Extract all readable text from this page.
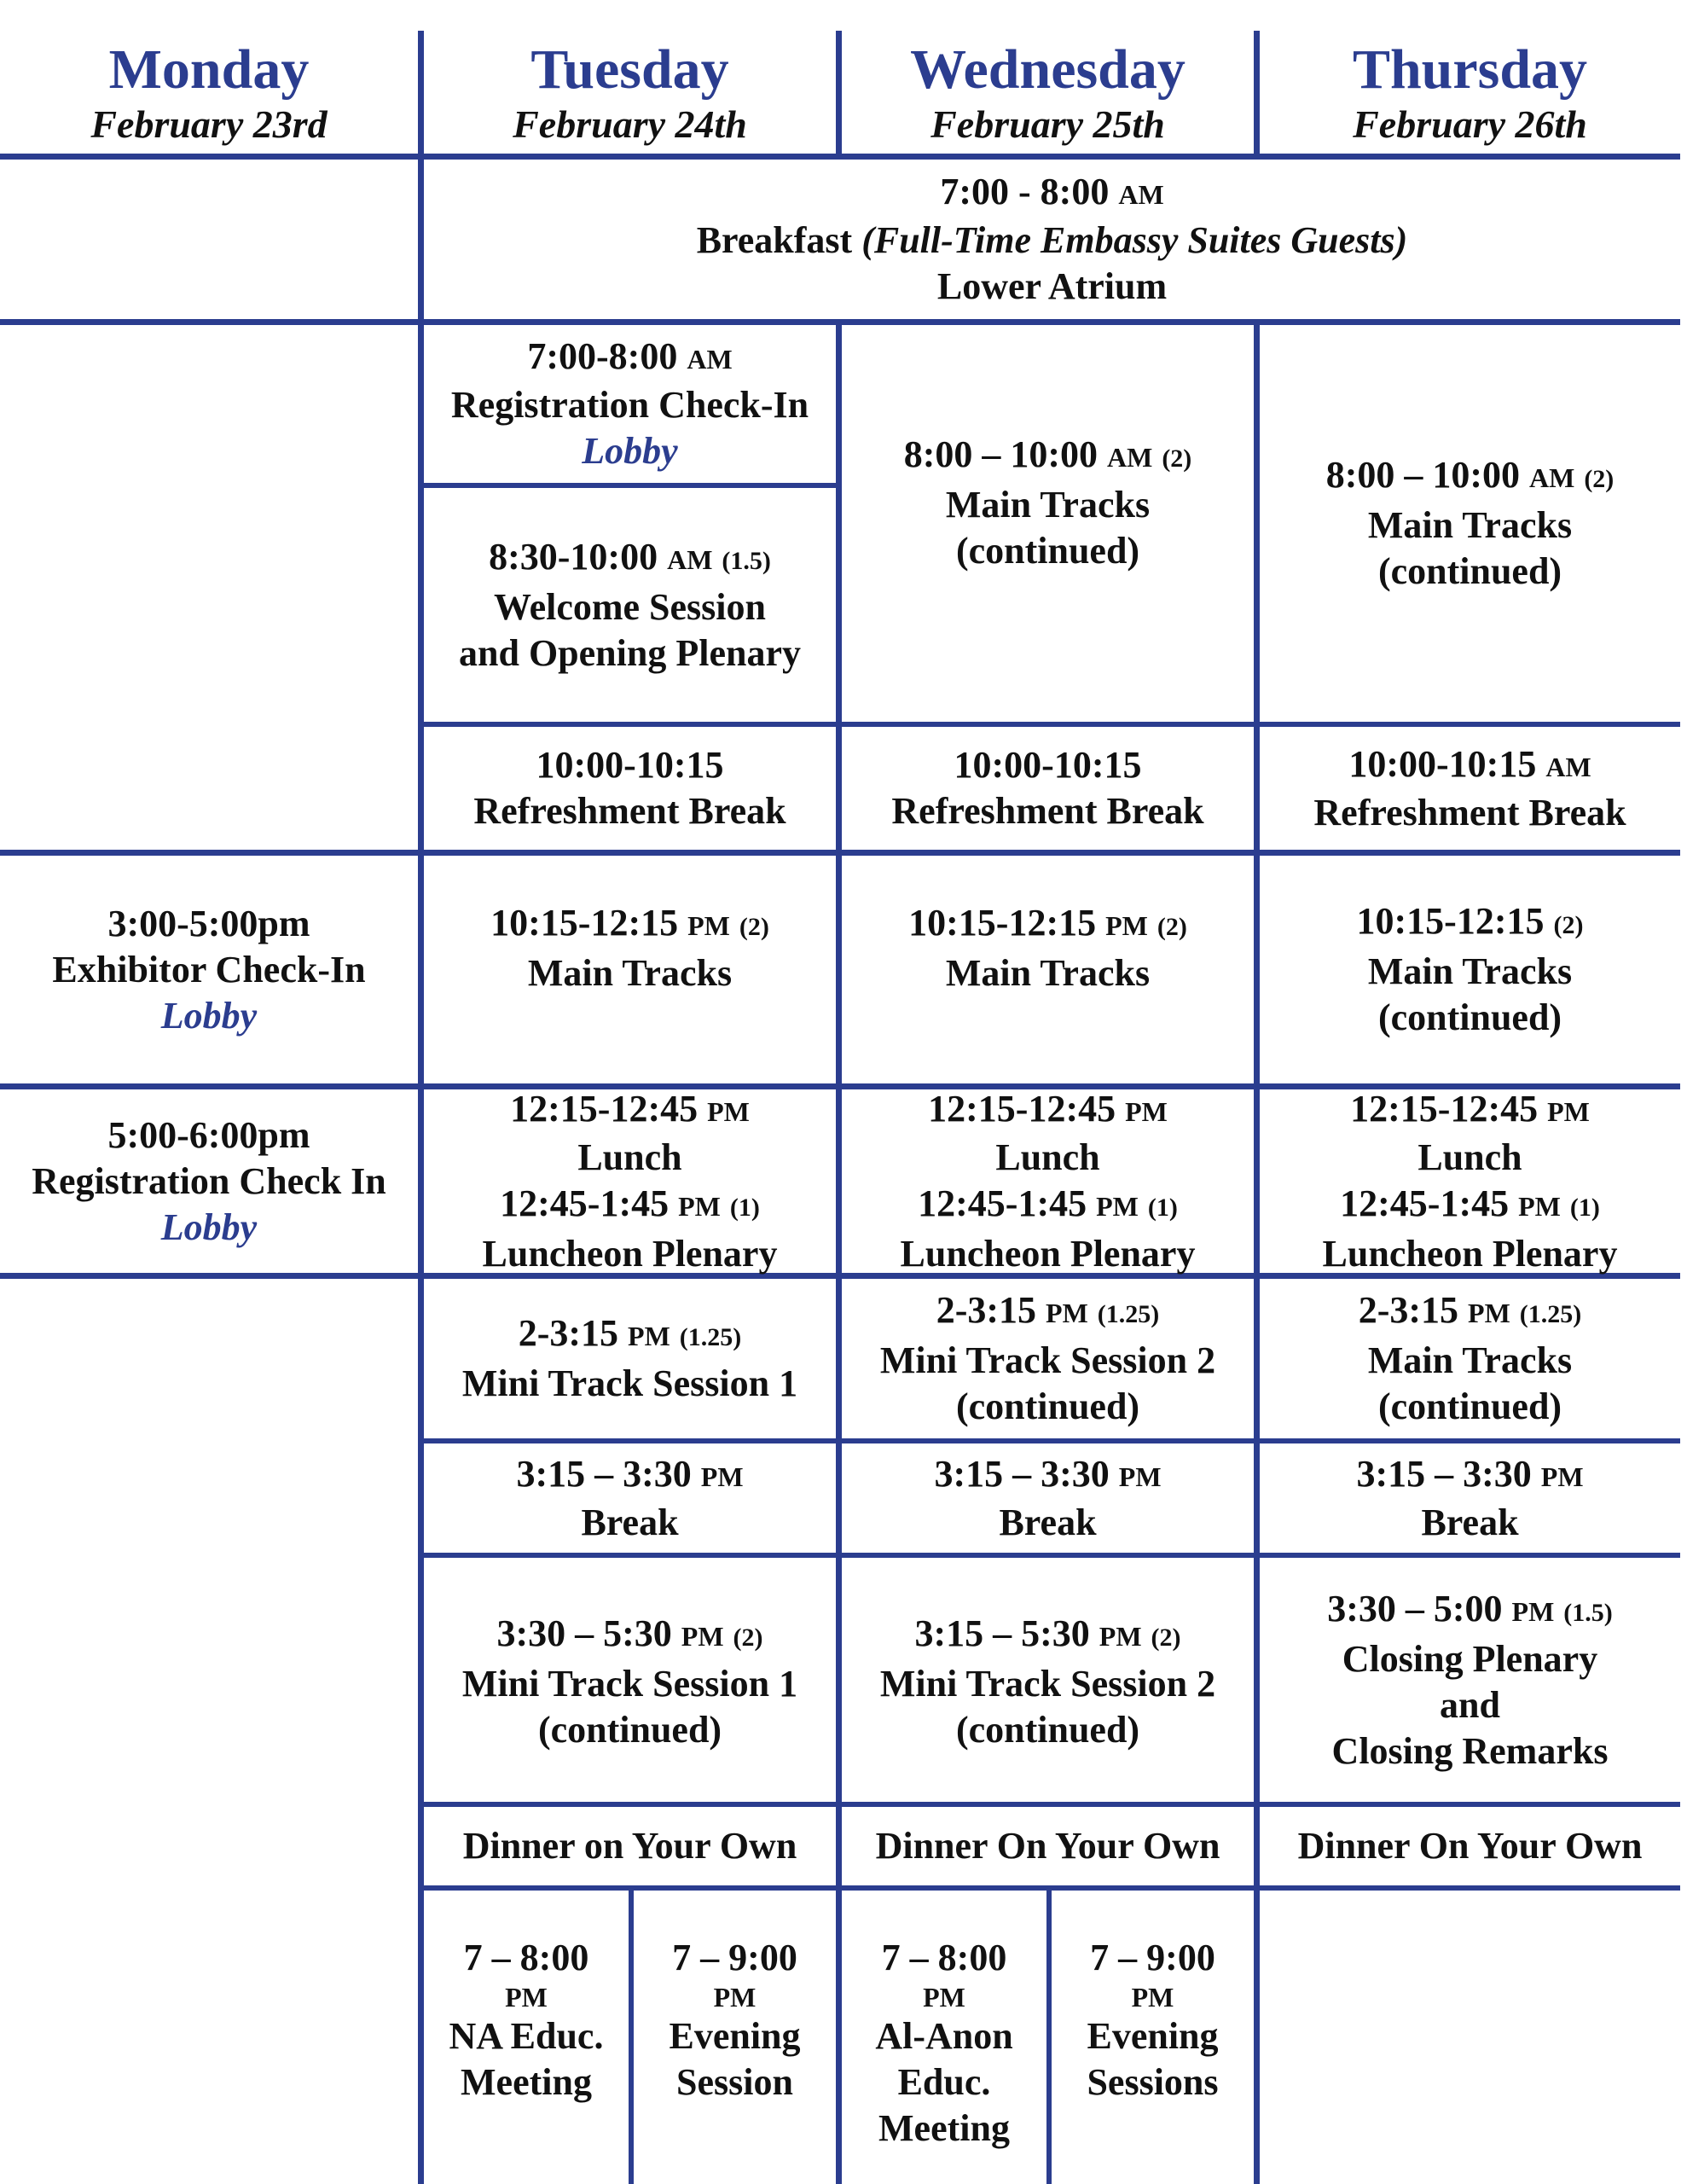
Monday
February 23rd
Tuesday
February 24th
Wednesday
February 25th
Thursday
February 26th
7:00 - 8:00 AM
Breakfast (Full-Time Embassy Suites Guests)
Lower Atrium
3:00-5:00pm
Exhibitor Check-In
Lobby
5:00-6:00pm
Registration Check In
Lobby
7:00-8:00 AM
Registration Check-In
Lobby
8:30-10:00 AM (1.5)
Welcome Session
and Opening Plenary
10:00-10:15
Refreshment Break
10:15-12:15 PM (2)
Main Tracks
12:15-12:45 PM
Lunch
12:45-1:45 PM (1)
Luncheon Plenary
2-3:15 PM (1.25)
Mini Track Session 1
3:15 – 3:30 PM
Break
3:30 – 5:30 PM (2)
Mini Track Session 1
(continued)
Dinner on Your Own
7 – 8:00
PM
NA Educ.
Meeting
7 – 9:00
PM
Evening
Session
8:00 – 10:00 AM (2)
Main Tracks
(continued)
10:00-10:15
Refreshment Break
10:15-12:15 PM (2)
Main Tracks
12:15-12:45 PM
Lunch
12:45-1:45 PM (1)
Luncheon Plenary
2-3:15 PM (1.25)
Mini Track Session 2
(continued)
3:15 – 3:30 PM
Break
3:15 – 5:30 PM (2)
Mini Track Session 2
(continued)
Dinner On Your Own
7 – 8:00
PM
Al-Anon
Educ.
Meeting
7 – 9:00
PM
Evening
Sessions
8:00 – 10:00 AM (2)
Main Tracks
(continued)
10:00-10:15 AM
Refreshment Break
10:15-12:15 (2)
Main Tracks
(continued)
12:15-12:45 PM
Lunch
12:45-1:45 PM (1)
Luncheon Plenary
2-3:15 PM (1.25)
Main Tracks
(continued)
3:15 – 3:30 PM
Break
3:30 – 5:00 PM (1.5)
Closing Plenary
and
Closing Remarks
Dinner On Your Own
